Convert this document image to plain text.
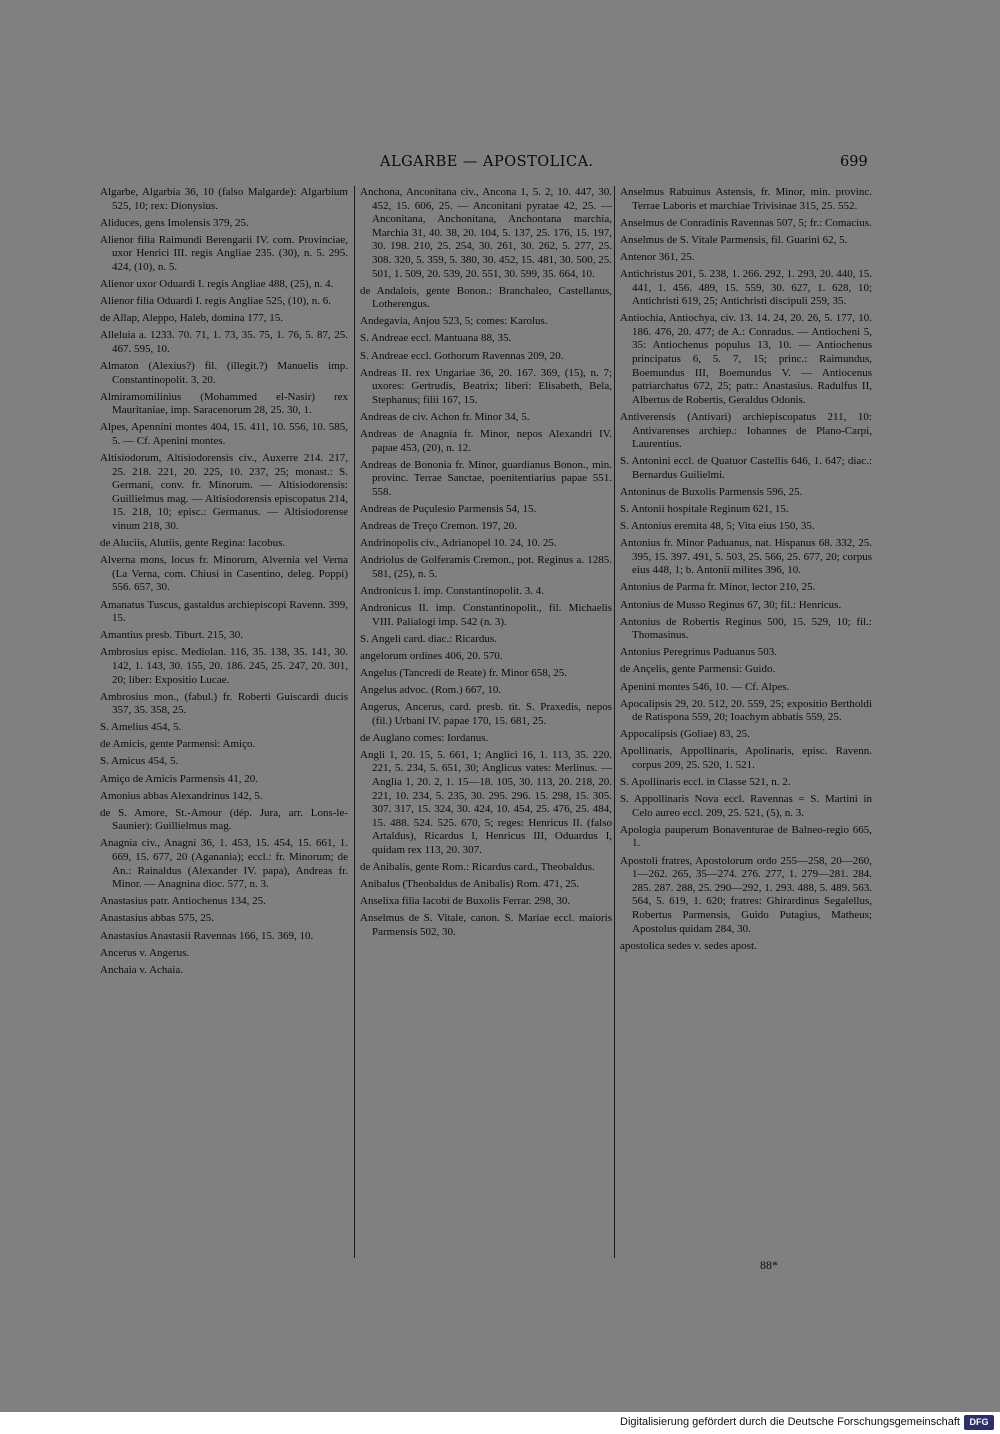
ALGARBE — APOSTOLICA.	699
Algarbe, Algarbia 36, 10 (falso Malgarde): Algarbium 525, 10; rex: Dionysius.
Aliduces, gens Imolensis 379, 25.
Alienor filia Raimundi Berengarii IV. com. Provinciae, uxor Henrici III. regis Angliae 235. (30), n. 5. 295. 424, (10), n. 5.
Alienor uxor Oduardi I. regis Angliae 488, (25), n. 4.
Alienor filia Oduardi I. regis Angliae 525, (10), n. 6.
de Allap, Aleppo, Haleb, domina 177, 15.
Alleluia a. 1233. 70. 71, 1. 73, 35. 75, 1. 76, 5. 87, 25. 467. 595, 10.
Almaton (Alexius?) fil. (illegit.?) Manuelis imp. Constantinopolit. 3, 20.
Almiramomilinius (Mohammed el-Nasir) rex Mauritaniae, imp. Saracenorum 28, 25. 30, 1.
Alpes, Apennini montes 404, 15. 411, 10. 556, 10. 585, 5. — Cf. Apenini montes.
Altisiodorum, Altisiodorensis civ., Auxerre 214. 217, 25. 218. 221, 20. 225, 10. 237, 25; monast.: S. Germani, conv. fr. Minorum. — Altisiodorensis: Guillielmus mag. — Altisiodorensis episcopatus 214, 15. 218, 10; episc.: Germanus. — Altisiodorense vinum 218, 30.
de Aluciis, Alutiis, gente Regina: Iacobus.
Alverna mons, locus fr. Minorum, Alvernia vel Verna (La Verna, com. Chiusi in Casentino, deleg. Poppi) 556. 657, 30.
Amanatus Tuscus, gastaldus archiepiscopi Ravenn. 399, 15.
Amantius presb. Tiburt. 215, 30.
Ambrosius episc. Mediolan. 116, 35. 138, 35. 141, 30. 142, 1. 143, 30. 155, 20. 186. 245, 25. 247, 20. 301, 20; liber: Expositio Lucae.
Ambrosius mon., (fabul.) fr. Roberti Guiscardi ducis 357, 35. 358, 25.
S. Amelius 454, 5.
de Amicis, gente Parmensi: Amiço.
S. Amicus 454, 5.
Amiço de Amicis Parmensis 41, 20.
Amonius abbas Alexandrinus 142, 5.
de S. Amore, St.-Amour (dép. Jura, arr. Lons-le-Saunier): Guillielmus mag.
Anagnia civ., Anagni 36, 1. 453, 15. 454, 15. 661, 1. 669, 15. 677, 20 (Aganania); eccl.: fr. Minorum; de An.: Rainaldus (Alexander IV. papa), Andreas fr. Minor. — Anagnina dioc. 577, n. 3.
Anastasius patr. Antiochenus 134, 25.
Anastasius abbas 575, 25.
Anastasius Anastasii Ravennas 166, 15. 369, 10.
Ancerus v. Angerus.
Anchaia v. Achaia.
Anchona, Anconitana civ., Ancona 1, 5. 2, 10. 447, 30. 452, 15. 606, 25. — Anconitani pyratae 42, 25. — Anconitana, Anchonitana, Anchontana marchia, Marchia 31, 40. 38, 20. 104, 5. 137, 25. 176, 15. 197, 30. 198. 210, 25. 254, 30. 261, 30. 262, 5. 277, 25. 308. 320, 5. 359, 5. 380, 30. 452, 15. 481, 30. 500, 25. 501, 1. 509, 20. 539, 20. 551, 30. 599, 35. 664, 10.
de Andalois, gente Bonon.: Branchaleo, Castellanus, Lotherengus.
Andegavia, Anjou 523, 5; comes: Karolus.
S. Andreae eccl. Mantuana 88, 35.
S. Andreae eccl. Gothorum Ravennas 209, 20.
Andreas II. rex Ungariae 36, 20. 167. 369, (15), n. 7; uxores: Gertrudis, Beatrix; liberi: Elisabeth, Bela, Stephanus; filii 167, 15.
Andreas de civ. Achon fr. Minor 34, 5.
Andreas de Anagnia fr. Minor, nepos Alexandri IV. papae 453, (20), n. 12.
Andreas de Bononia fr. Minor, guardianus Bonon., min. provinc. Terrae Sanctae, poenitentiarius papae 551. 558.
Andreas de Puçulesio Parmensis 54, 15.
Andreas de Treço Cremon. 197, 20.
Andrinopolis civ., Adrianopel 10. 24, 10. 25.
Andriolus de Golferamis Cremon., pot. Reginus a. 1285. 581, (25), n. 5.
Andronicus I. imp. Constantinopolit. 3. 4.
Andronicus II. imp. Constantinopolit., fil. Michaelis VIII. Palialogi imp. 542 (n. 3).
S. Angeli card. diac.: Ricardus.
angelorum ordines 406, 20. 570.
Angelus (Tancredi de Reate) fr. Minor 658, 25.
Angelus advoc. (Rom.) 667, 10.
Angerus, Ancerus, card. presb. tit. S. Praxedis, nepos (fil.) Urbani IV. papae 170, 15. 681, 25.
de Auglano comes: Iordanus.
Angli 1, 20. 15, 5. 661, 1; Anglici 16, 1. 113, 35. 220. 221, 5. 234, 5. 651, 30; Anglicus vates: Merlinus. — Anglia 1, 20. 2, 1. 15—18. 105, 30. 113, 20. 218, 20. 221, 10. 234, 5. 235, 30. 295. 296. 15. 298, 15. 305. 307. 317, 15. 324, 30. 424, 10. 454, 25. 476, 25. 484, 15. 488. 524. 525. 670, 5; reges: Henricus II. (falso Artaldus), Ricardus I, Henricus III, Oduardus I, quidam rex 113, 20. 307.
de Anibalis, gente Rom.: Ricardus card., Theobaldus.
Anibalus (Theobaldus de Anibalis) Rom. 471, 25.
Anselixa filia Iacobi de Buxolis Ferrar. 298, 30.
Anselmus de S. Vitale, canon. S. Mariae eccl. maioris Parmensis 502, 30.
Anselmus Rabuinus Astensis, fr. Minor, min. provinc. Terrae Laboris et marchiae Trivisinae 315, 25. 552.
Anselmus de Conradinis Ravennas 507, 5; fr.: Comacius.
Anselmus de S. Vitale Parmensis, fil. Guarini 62, 5.
Antenor 361, 25.
Antichristus 201, 5. 238, 1. 266. 292, 1. 293, 20. 440, 15. 441, 1. 456. 489, 15. 559, 30. 627, 1. 628, 10; Antichristi 619, 25; Antichristi discipuli 259, 35.
Antiochia, Antiochya, civ. 13. 14. 24, 20. 26, 5. 177, 10. 186. 476, 20. 477; de A.: Conradus. — Antiocheni 5, 35: Antiochenus populus 13, 10. — Antiochenus principatus 6, 5. 7, 15; princ.: Raimundus, Boemundus III, Boemundus V. — Antiocenus patriarchatus 672, 25; patr.: Anastasius. Radulfus II, Albertus de Robertis, Geraldus Odonis.
Antiverensis (Antivari) archiepiscopatus 211, 10: Antivarenses archiep.: Iohannes de Plano-Carpi, Laurentius.
S. Antonini eccl. de Quatuor Castellis 646, 1. 647; diac.: Bernardus Guilielmi.
Antoninus de Buxolis Parmensis 596, 25.
S. Antonii hospitale Reginum 621, 15.
S. Antonius eremita 48, 5; Vita eius 150, 35.
Antonius fr. Minor Paduanus, nat. Hispanus 68. 332, 25. 395, 15. 397. 491, 5. 503, 25. 566, 25. 677, 20; corpus eius 448, 1; b. Antonii milites 396, 10.
Antonius de Parma fr. Minor, lector 210, 25.
Antonius de Musso Reginus 67, 30; fil.: Henricus.
Antonius de Robertis Reginus 500, 15. 529, 10; fil.: Thomasinus.
Antonius Peregrinus Paduanus 503.
de Ançelis, gente Parmensi: Guido.
Apenini montes 546, 10. — Cf. Alpes.
Apocalipsis 29, 20. 512, 20. 559, 25; expositio Bertholdi de Ratispona 559, 20; Ioachym abbatis 559, 25.
Appocalipsis (Goliae) 83, 25.
Apollinaris, Appollinaris, Apolinaris, episc. Ravenn. corpus 209, 25. 520, 1. 521.
S. Apollinaris eccl. in Classe 521, n. 2.
S. Appollinaris Nova eccl. Ravennas = S. Martini in Celo aureo eccl. 209, 25. 521, (5), n. 3.
Apologia pauperum Bonaventurae de Balneo-regio 665, 1.
Apostoli fratres, Apostolorum ordo 255—258, 20—260, 1—262. 265, 35—274. 276. 277, 1. 279—281. 284. 285. 287. 288, 25. 290—292, 1. 293. 488, 5. 489. 563. 564, 5. 619, 1. 620; fratres: Ghirardinus Segalellus, Robertus Parmensis, Guido Putagius, Matheus; Apostolus quidam 284, 30.
apostolica sedes v. sedes apost.
88*
Digitalisierung gefördert durch die Deutsche Forschungsgemeinschaft	DFG
